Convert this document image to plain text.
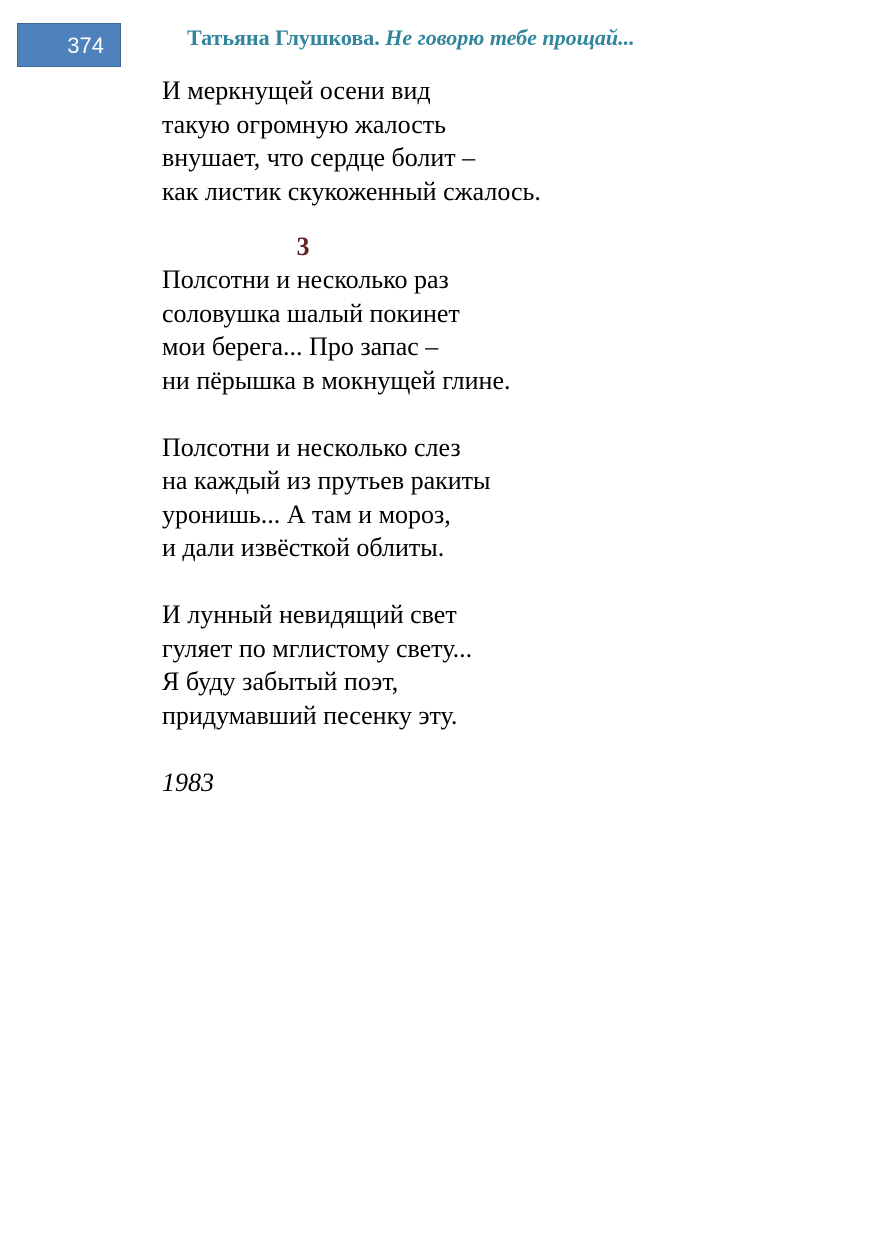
374	Татьяна Глушкова. Не говорю тебе прощай...
И меркнущей осени вид
такую огромную жалость
внушает, что сердце болит –
как листик скукоженный сжалось.
3
Полсотни и несколько раз
соловушка шалый покинет
мои берега... Про запас –
ни пёрышка в мокнущей глине.
Полсотни и несколько слез
на каждый из прутьев ракиты
уронишь... А там и мороз,
и дали извёсткой облиты.
И лунный невидящий свет
гуляет по мглистому свету...
Я буду забытый поэт,
придумавший песенку эту.
1983
